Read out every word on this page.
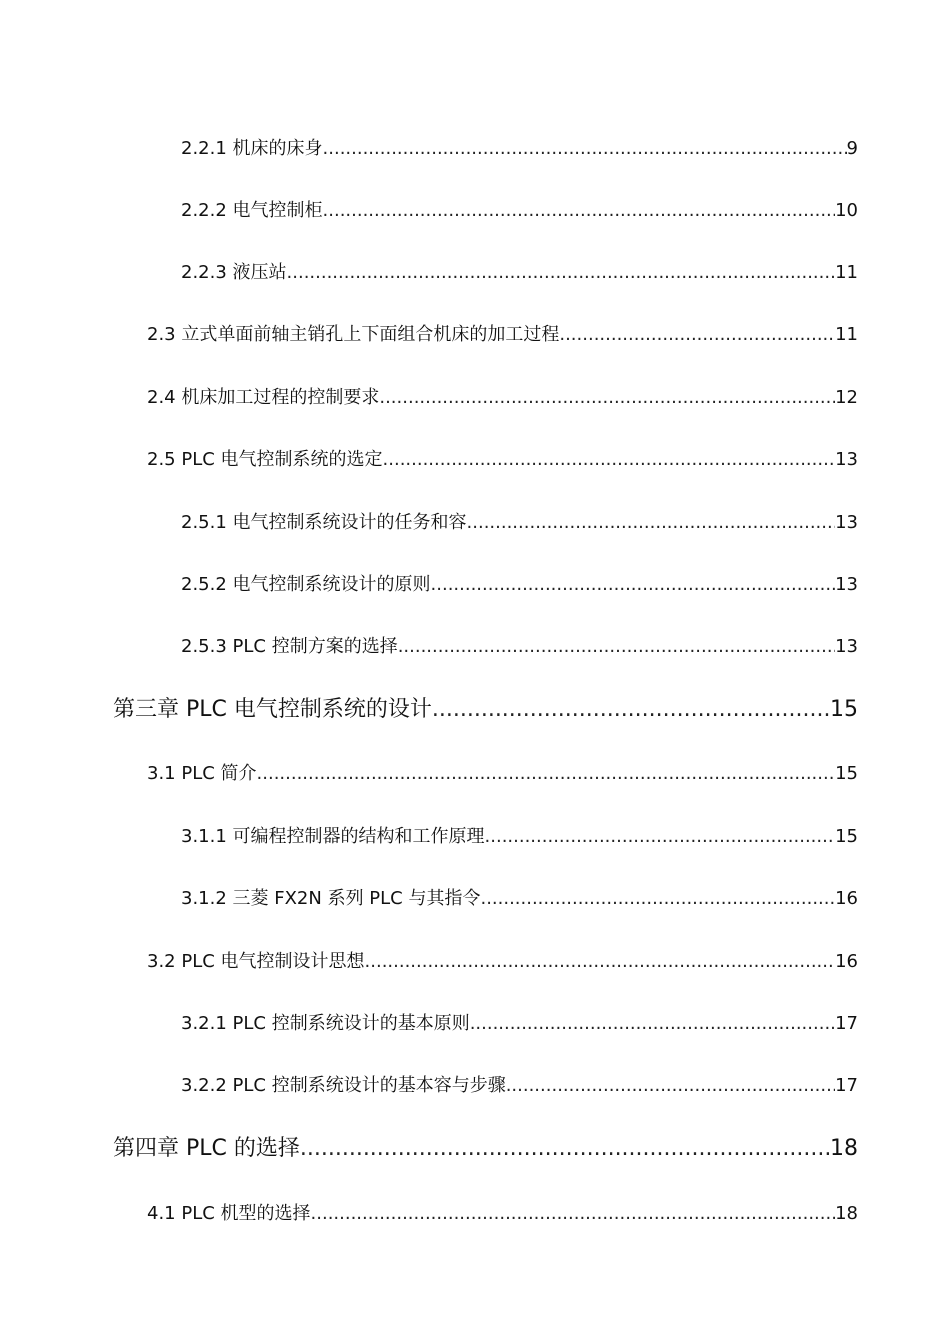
2.2.1 机床的床身 .....	9
2.2.2 电气控制柜 .....	10
2.2.3 液压站 .....	11
2.3 立式单面前轴主销孔上下面组合机床的加工过程 .....	11
2.4 机床加工过程的控制要求 .....	12
2.5 PLC 电气控制系统的选定 .....	13
2.5.1 电气控制系统设计的任务和容 .....	13
2.5.2 电气控制系统设计的原则 .....	13
2.5.3 PLC 控制方案的选择 .....	13
第三章 PLC 电气控制系统的设计 .....	15
3.1 PLC 简介 .....	15
3.1.1 可编程控制器的结构和工作原理 .....	15
3.1.2 三菱 FX2N 系列 PLC 与其指令 .....	16
3.2 PLC 电气控制设计思想 .....	16
3.2.1 PLC 控制系统设计的基本原则 .....	17
3.2.2 PLC 控制系统设计的基本容与步骤 .....	17
第四章 PLC 的选择 .....	18
4.1 PLC 机型的选择 .....	18
